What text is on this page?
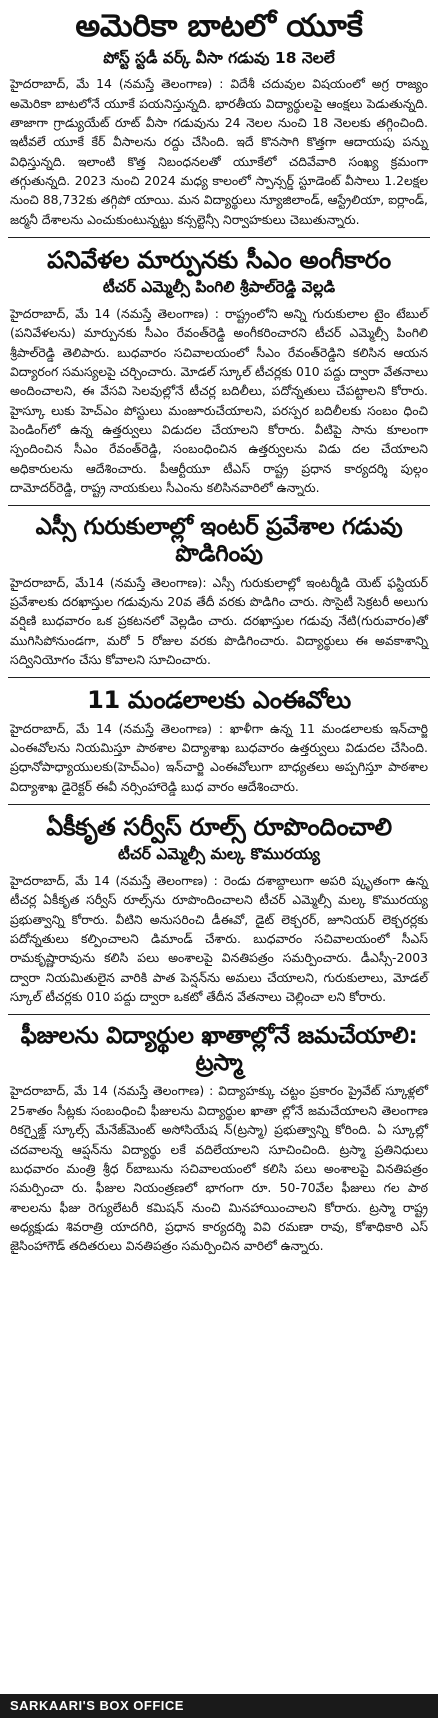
అమెరికా బాటలో యూకే
పోస్ట్ స్టడీ వర్క్ వీసా గడువు 18 నెలలే

హైదరాబాద్, మే 14 (నమస్తే తెలంగాణ) : విదేశీ చదువుల విషయంలో అగ్ర రాజ్యం అమెరికా బాటలోనే యూకే పయనిస్తున్నది. భారతీయ విద్యార్థులపై ఆంక్షలు పెడుతున్నది. తాజాగా గ్రాడ్యుయేట్ రూట్ వీసా గడువును 24 నెలల నుంచి 18 నెలలకు తగ్గించింది. ఇటీవలే యూకే కేర్ వీసాలను రద్దు చేసింది. ఇదే కొనసాగి కొత్తగా ఆదాయపు పన్ను విధిస్తున్నది. ఇలాంటి కొత్త నిబంధనలతో యూకేలో చదివేవారి సంఖ్య క్రమంగా తగ్గుతున్నది. 2023 నుంచి 2024 మధ్య కాలంలో స్పాన్సర్డ్ స్టూడెంట్ వీసాలు 1.2లక్షల నుంచి 88,732కు తగ్గిపో యాయి. మన విద్యార్థులు న్యూజిలాండ్, ఆస్ట్రేలియా, ఐర్లాండ్, జర్మనీ దేశాలను ఎంచుకుంటున్నట్టు కన్సల్టెన్సీ నిర్వాహకులు చెబుతున్నారు.

పనివేళల మార్పునకు సీఎం అంగీకారం
టీచర్ ఎమ్మెల్సీ పింగిలి శ్రీపాల్‌రెడ్డి వెల్లడి

హైదరాబాద్, మే 14 (నమస్తే తెలంగాణ) : రాష్ట్రంలోని అన్ని గురుకులాల టైం టేబుల్ (పనివేళలను) మార్పునకు సీఎం రేవంత్‌రెడ్డి అంగీకరించారని టీచర్ ఎమ్మెల్సీ పింగిలి శ్రీపాల్‌రెడ్డి తెలిపారు. బుధవారం సచివాలయంలో సీఎం రేవంత్‌రెడ్డిని కలిసిన ఆయన విద్యారంగ సమస్యలపై చర్చించారు. మోడల్ స్కూల్ టీచర్లకు 010 పద్దు ద్వారా వేతనాలు అందించాలని, ఈ వేసవి సెలవుల్లోనే టీచర్ల బదిలీలు, పదోన్నతులు చేపట్టాలని కోరారు. హైస్కూ లుకు హెచ్ఎం పోస్టులు మంజూరుచేయాలని, పరస్పర బదిలీలకు సంబం ధించి పెండింగ్‌లో ఉన్న ఉత్తర్వులు విడుదల చేయాలని కోరారు. వీటిపై సాను కూలంగా స్పందించిన సీఎం రేవంత్‌రెడ్డి, సంబంధించిన ఉత్తర్వులను విడు దల చేయాలని అధికారులను ఆదేశించారు. పీఆర్టీయూ టీఎస్ రాష్ట్ర ప్రధాన కార్యదర్శి పుల్గం దామోదర్‌రెడ్డి, రాష్ట్ర నాయకులు సీఎంను కలిసినవారిలో ఉన్నారు.

ఎస్సీ గురుకులాల్లో ఇంటర్ ప్రవేశాల గడువు పొడిగింపు

హైదరాబాద్, మే14 (నమస్తే తెలంగాణ): ఎస్సీ గురుకులాల్లో ఇంటర్మీడి యెట్ ఫస్టియర్ ప్రవేశాలకు దరఖాస్తుల గడువును 20వ తేదీ వరకు పొడిగిం చారు. సొసైటీ సెక్రటరీ అలుగు వర్షిణి బుధవారం ఒక ప్రకటనలో వెల్లడిం చారు. దరఖాస్తుల గడువు నేటి(గురువారం)తో ముగిసిపోనుండగా, మరో 5 రోజుల వరకు పొడిగించారు. విద్యార్థులు ఈ అవకాశాన్ని సద్వినియోగం చేసు కోవాలని సూచించారు.

11 మండలాలకు ఎంఈవోలు

హైదరాబాద్, మే 14 (నమస్తే తెలంగాణ) : ఖాళీగా ఉన్న 11 మండలాలకు ఇన్‌చార్జి ఎంఈవోలను నియమిస్తూ పాఠశాల విద్యాశాఖ బుధవారం ఉత్తర్వులు విడుదల చేసింది. ప్రధానోపాధ్యాయులకు(హెచ్ఎం) ఇన్‌చార్జి ఎంఈవోలుగా బాధ్యతలు అప్పగిస్తూ పాఠశాల విద్యాశాఖ డైరెక్టర్ ఈవీ నర్సింహారెడ్డి బుధ వారం ఆదేశించారు.

ఏకీకృత సర్వీస్ రూల్స్ రూపొందించాలి
టీచర్ ఎమ్మెల్సీ మల్క కొమురయ్య

హైదరాబాద్, మే 14 (నమస్తే తెలంగాణ) : రెండు దశాబ్దాలుగా అపరి ష్కృతంగా ఉన్న టీచర్ల ఏకీకృత సర్వీస్ రూల్స్‌ను రూపొందించాలని టీచర్ ఎమ్మెల్సీ మల్క కొమురయ్య ప్రభుత్వాన్ని కోరారు. వీటిని అనుసరించి డీఈవో, డైట్ లెక్చరర్, జూనియర్ లెక్చరర్లకు పదోన్నతులు కల్పించాలని డిమాండ్ చేశారు. బుధవారం సచివాలయంలో సీఎస్ రామకృష్ణారావును కలిసి పలు అంశాలపై వినతిపత్రం సమర్పించారు. డీఎస్సీ-2003 ద్వారా నియమితులైన వారికి పాత పెన్షన్‌ను అమలు చేయాలని, గురుకులాలు, మోడల్ స్కూల్ టీచర్లకు 010 పద్దు ద్వారా ఒకటో తేదీన వేతనాలు చెల్లించా లని కోరారు.

ఫీజులను విద్యార్థుల ఖాతాల్లోనే జమచేయాలి: ట్రస్మా

హైదరాబాద్, మే 14 (నమస్తే తెలంగాణ) : విద్యాహక్కు చట్టం ప్రకారం ప్రైవేట్ స్కూళ్లలో 25శాతం సీట్లకు సంబంధించి ఫీజులను విద్యార్థుల ఖాతా ల్లోనే జమచేయాలని తెలంగాణ రికగ్నైజ్డ్ స్కూల్స్ మేనేజ్‌మెంట్ అసోసియేష న్(ట్రస్మా) ప్రభుత్వాన్ని కోరింది. ఏ స్కూల్లో చదవాలన్న ఆప్షన్‌ను విద్యార్థు లకే వదిలేయాలని సూచించింది. ట్రస్మా ప్రతినిధులు బుధవారం మంత్రి శ్రీధ ర్‌బాబును సచివాలయంలో కలిసి పలు అంశాలపై వినతిపత్రం సమర్పించా రు. ఫీజుల నియంత్రణలో భాగంగా రూ. 50-70వేల ఫీజులు గల పాఠ శాలలను ఫీజు రెగ్యులేటరీ కమిషన్ నుంచి మినహాయించాలని కోరారు. ట్రస్మా రాష్ట్ర అధ్యక్షుడు శివరాత్రి యాదగిరి, ప్రధాన కార్యదర్శి వివి రమణా రావు, కోశాధికారి ఎస్ జైసింహాగౌడ్ తదితరులు వినతిపత్రం సమర్పించిన వారిలో ఉన్నారు.

SARKAARI'S BOX OFFICE
